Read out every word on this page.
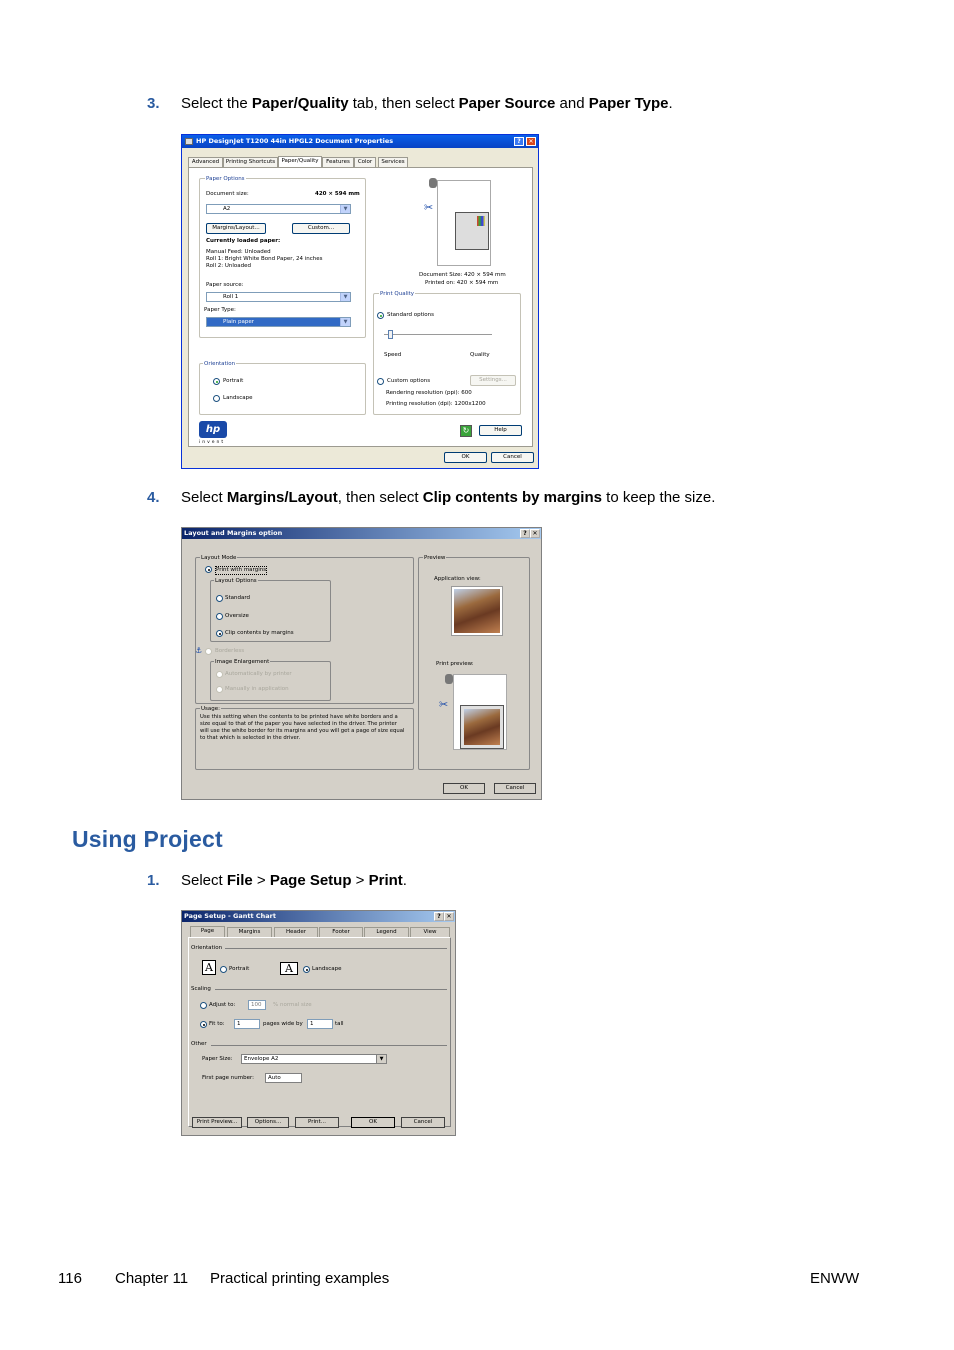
3. Select the Paper/Quality tab, then select Paper Source and Paper Type.
HP DesignJet T1200 44in HPGL2 Document Properties	?	✕
Advanced	Printing Shortcuts	Paper/Quality	Features	Color	Services
Paper Options
Document size:	420 × 594 mm
A2	▼
Margins/Layout...	Custom...
Currently loaded paper:
Manual Feed: Unloaded
Roll 1: Bright White Bond Paper, 24 inches
Roll 2: Unloaded
Paper source:
Roll 1	▼
Paper Type:
Plain paper	▼
✂
Document Size: 420 × 594 mm
Printed on: 420 × 594 mm
Print Quality
Standard options
Speed	Quality
Custom options	Settings...
Rendering resolution (ppi): 600
Printing resolution (dpi): 1200x1200
Orientation
Portrait
Landscape
hp
invent
↻	Help
OK	Cancel
4. Select Margins/Layout, then select Clip contents by margins to keep the size.
Layout and Margins option	? ✕
Layout Mode
Print with margins
Layout Options
Standard
Oversize
Clip contents by margins
⚓ Borderless
Image Enlargement
Automatically by printer
Manually in application
Usage:
Use this setting when the contents to be printed have white borders and a size equal to that of the paper you have selected in the driver. The printer will use the white border for its margins and you will get a page of size equal to that which is selected in the driver.
Preview
Application view:
Print preview:
✂
OK	Cancel
Using Project
1. Select File > Page Setup > Print.
Page Setup - Gantt Chart	? ✕
Page	Margins	Header	Footer	Legend	View
Orientation
A	Portrait	A	Landscape
Scaling
Adjust to:	100	% normal size
Fit to:	1	pages wide by	1	tall
Other
Paper Size:	Envelope A2	▼
First page number:	Auto
Print Preview...	Options...	Print...	OK	Cancel
116 Chapter 11 Practical printing examples	ENWW
